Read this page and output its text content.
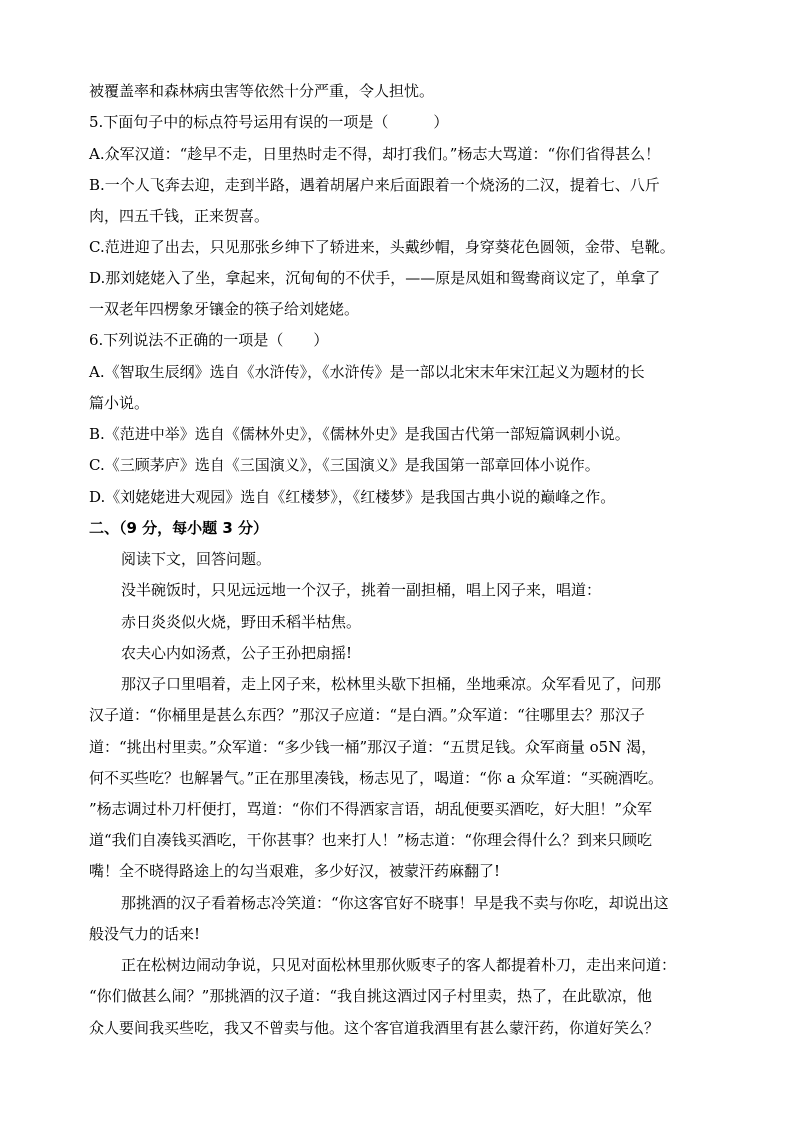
被覆盖率和森林病虫害等依然十分严重，令人担忧。
5.下面句子中的标点符号运用有误的一项是（　　　）
A.众军汉道：“趁早不走，日里热时走不得，却打我们。”杨志大骂道：“你们省得甚么！
B.一个人飞奔去迎，走到半路，遇着胡屠户来后面跟着一个烧汤的二汉，提着七、八斤
肉，四五千钱，正来贺喜。
C.范进迎了出去，只见那张乡绅下了轿进来，头戴纱帽，身穿葵花色圆领，金带、皂靴。
D.那刘姥姥入了坐，拿起来，沉甸甸的不伏手，——原是凤姐和鸳鸯商议定了，单拿了
一双老年四楞象牙镶金的筷子给刘姥姥。
6.下列说法不正确的一项是（　　）
A.《智取生辰纲》选自《水浒传》，《水浒传》是一部以北宋末年宋江起义为题材的长
篇小说。
B.《范进中举》选自《儒林外史》，《儒林外史》是我国古代第一部短篇讽刺小说。
C.《三顾茅庐》选自《三国演义》，《三国演义》是我国第一部章回体小说作。
D.《刘姥姥进大观园》选自《红楼梦》，《红楼梦》是我国古典小说的巅峰之作。
二、（9 分，每小题 3 分）
阅读下文，回答问题。
没半碗饭时，只见远远地一个汉子，挑着一副担桶，唱上冈子来，唱道：
赤日炎炎似火烧，野田禾稻半枯焦。
农夫心内如汤煮，公子王孙把扇摇!
那汉子口里唱着，走上冈子来，松林里头歇下担桶，坐地乘凉。众军看见了，问那
汉子道：“你桶里是甚么东西？”那汉子应道：“是白酒。”众军道：“往哪里去？那汉子
道：“挑出村里卖。”众军道：“多少钱一桶”那汉子道：“五贯足钱。众军商量 o5N 渴，
何不买些吃？也解暑气。”正在那里凑钱，杨志见了，喝道：“你 a 众军道：“买碗酒吃。
”杨志调过朴刀杆便打，骂道：“你们不得洒家言语，胡乱便要买酒吃，好大胆！”众军
道“我们自凑钱买酒吃，干你甚事？也来打人！”杨志道：“你理会得什么？到来只顾吃
嘴！全不晓得路途上的勾当艰难，多少好汉，被蒙汗药麻翻了!
那挑酒的汉子看着杨志冷笑道：“你这客官好不晓事！早是我不卖与你吃，却说出这
般没气力的话来!
正在松树边闹动争说，只见对面松林里那伙贩枣子的客人都提着朴刀，走出来问道：
“你们做甚么闹？”那挑酒的汉子道：“我自挑这酒过冈子村里卖，热了，在此歇凉，他
众人要间我买些吃，我又不曾卖与他。这个客官道我酒里有甚么蒙汗药，你道好笑么？
